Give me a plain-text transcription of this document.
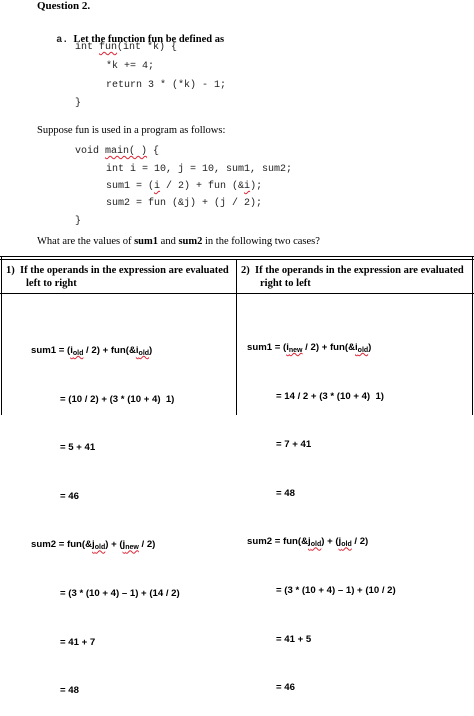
Question 2.

a. Let the function fun be defined as

int fun(int *k) {
*k += 4;
return 3 * (*k) - 1;
}
Suppose fun is used in a program as follows:
void main( ) {
int i = 10, j = 10, sum1, sum2;
sum1 = (i / 2) + fun (&i);
sum2 = fun (&j) + (j / 2);
}
What are the values of sum1 and sum2 in the following two cases?
1)  If the operands in the expression are evaluated
left to right
2)  If the operands in the expression are evaluated
right to left

$sum1 = (i_{old} / 2)$ + $fun(\&i_{old})$

= (10 / 2) + (3 * (10 + 4)  1)

= 5 + 41

= 46

$sum2 = fun(\&j_{old}) + (j_{new} / 2)$

= (3 * (10 + 4) – 1) + (14 / 2)

= 41 + 7

= 48

$sum1 = (i_{new} / 2)$ + $fun(\&i_{old})$

= 14 / 2 + (3 * (10 + 4)  1)

= 7 + 41

= 48

$sum2 = fun(\&j_{old}) + (j_{old} / 2)$

= (3 * (10 + 4) – 1) + (10 / 2)

= 41 + 5

= 46
